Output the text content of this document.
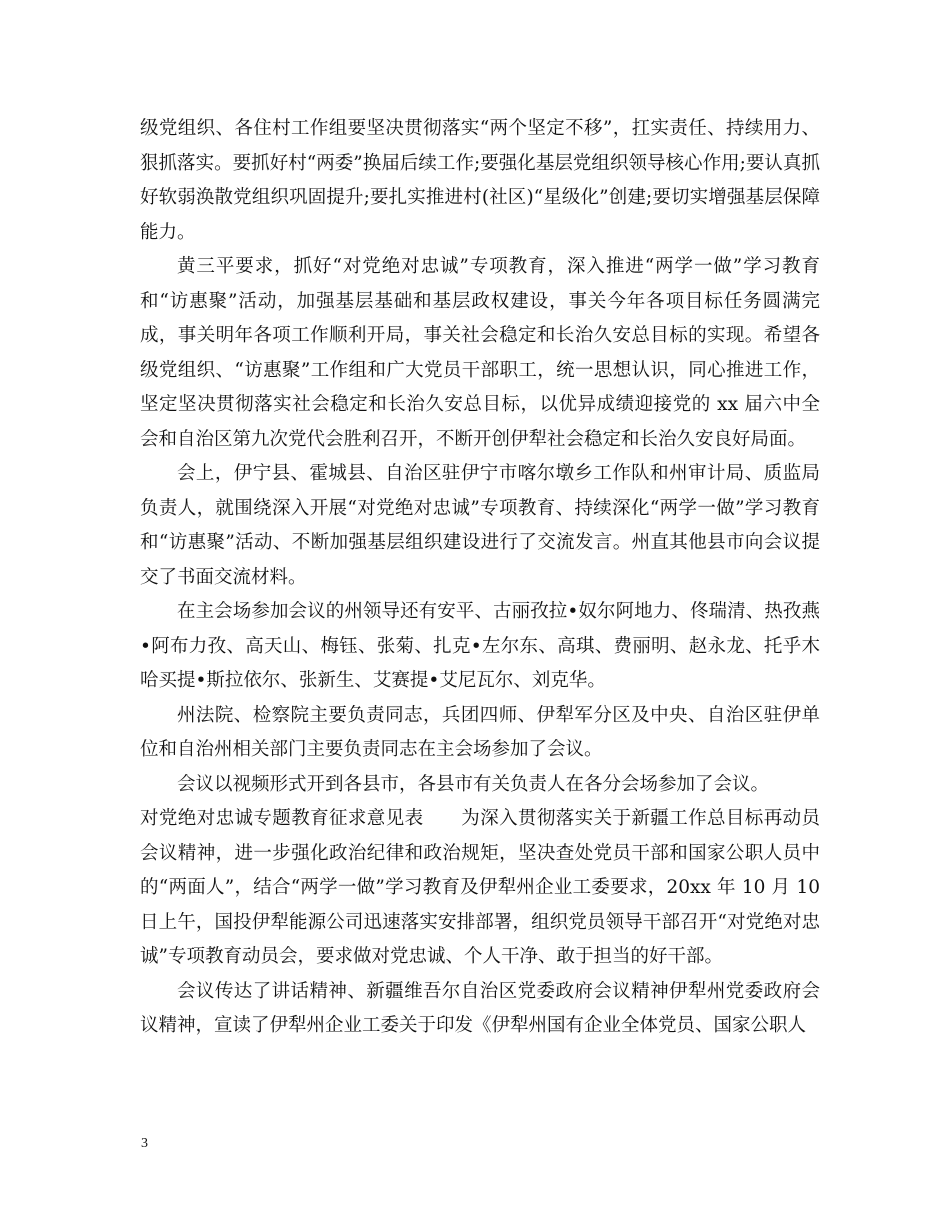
级党组织、各住村工作组要坚决贯彻落实“两个坚定不移”，扛实责任、持续用力、狠抓落实。要抓好村“两委”换届后续工作;要强化基层党组织领导核心作用;要认真抓好软弱涣散党组织巩固提升;要扎实推进村(社区)“星级化”创建;要切实增强基层保障能力。

黄三平要求，抓好“对党绝对忠诚”专项教育，深入推进“两学一做”学习教育和“访惠聚”活动，加强基层基础和基层政权建设，事关今年各项目标任务圆满完成，事关明年各项工作顺利开局，事关社会稳定和长治久安总目标的实现。希望各级党组织、“访惠聚”工作组和广大党员干部职工，统一思想认识，同心推进工作，坚定坚决贯彻落实社会稳定和长治久安总目标，以优异成绩迎接党的 xx 届六中全会和自治区第九次党代会胜利召开，不断开创伊犁社会稳定和长治久安良好局面。

会上，伊宁县、霍城县、自治区驻伊宁市喀尔墩乡工作队和州审计局、质监局负责人，就围绕深入开展“对党绝对忠诚”专项教育、持续深化“两学一做”学习教育和“访惠聚”活动、不断加强基层组织建设进行了交流发言。州直其他县市向会议提交了书面交流材料。

在主会场参加会议的州领导还有安平、古丽孜拉•奴尔阿地力、佟瑞清、热孜燕•阿布力孜、高天山、梅钰、张菊、扎克•左尔东、高琪、费丽明、赵永龙、托乎木哈买提•斯拉依尔、张新生、艾赛提•艾尼瓦尔、刘克华。

州法院、检察院主要负责同志，兵团四师、伊犁军分区及中央、自治区驻伊单位和自治州相关部门主要负责同志在主会场参加了会议。

会议以视频形式开到各县市，各县市有关负责人在各分会场参加了会议。

对党绝对忠诚专题教育征求意见表　　为深入贯彻落实关于新疆工作总目标再动员会议精神，进一步强化政治纪律和政治规矩，坚决查处党员干部和国家公职人员中的“两面人”，结合“两学一做”学习教育及伊犁州企业工委要求，20xx 年 10 月 10 日上午，国投伊犁能源公司迅速落实安排部署，组织党员领导干部召开“对党绝对忠诚”专项教育动员会，要求做对党忠诚、个人干净、敢于担当的好干部。

会议传达了讲话精神、新疆维吾尔自治区党委政府会议精神伊犁州党委政府会议精神，宣读了伊犁州企业工委关于印发《伊犁州国有企业全体党员、国家公职人

3
